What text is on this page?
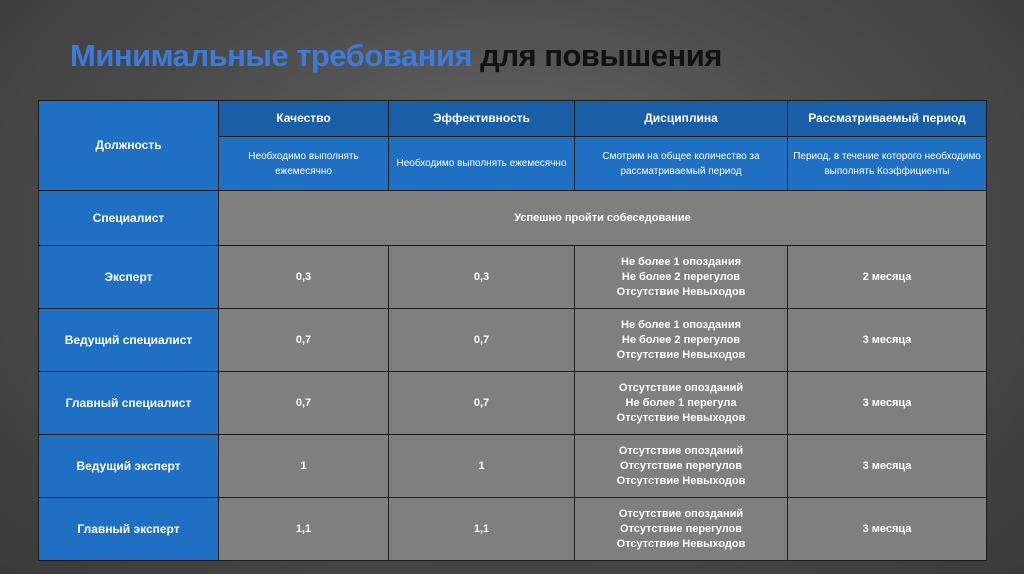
Минимальные требования для повышения
Должность	Качество	Эффективность	Дисциплина	Рассматриваемый период
	Необходимо выполнять ежемесячно	Необходимо выполнять ежемесячно	Смотрим на общее количество за рассматриваемый период	Период, в течение которого необходимо выполнять Коэффициенты
Специалист	Успешно пройти собеседование			
Эксперт	0,3	0,3	Не более 1 опоздания
Не более 2 перегулов
Отсутствие Невыходов	2 месяца
Ведущий специалист	0,7	0,7	Не более 1 опоздания
Не более 2 перегулов
Отсутствие Невыходов	3 месяца
Главный специалист	0,7	0,7	Отсутствие опозданий
Не более 1 перегула
Отсутствие Невыходов	3 месяца
Ведущий эксперт	1	1	Отсутствие опозданий
Отсутствие перегулов
Отсутствие Невыходов	3 месяца
Главный эксперт	1,1	1,1	Отсутствие опозданий
Отсутствие перегулов
Отсутствие Невыходов	3 месяца
